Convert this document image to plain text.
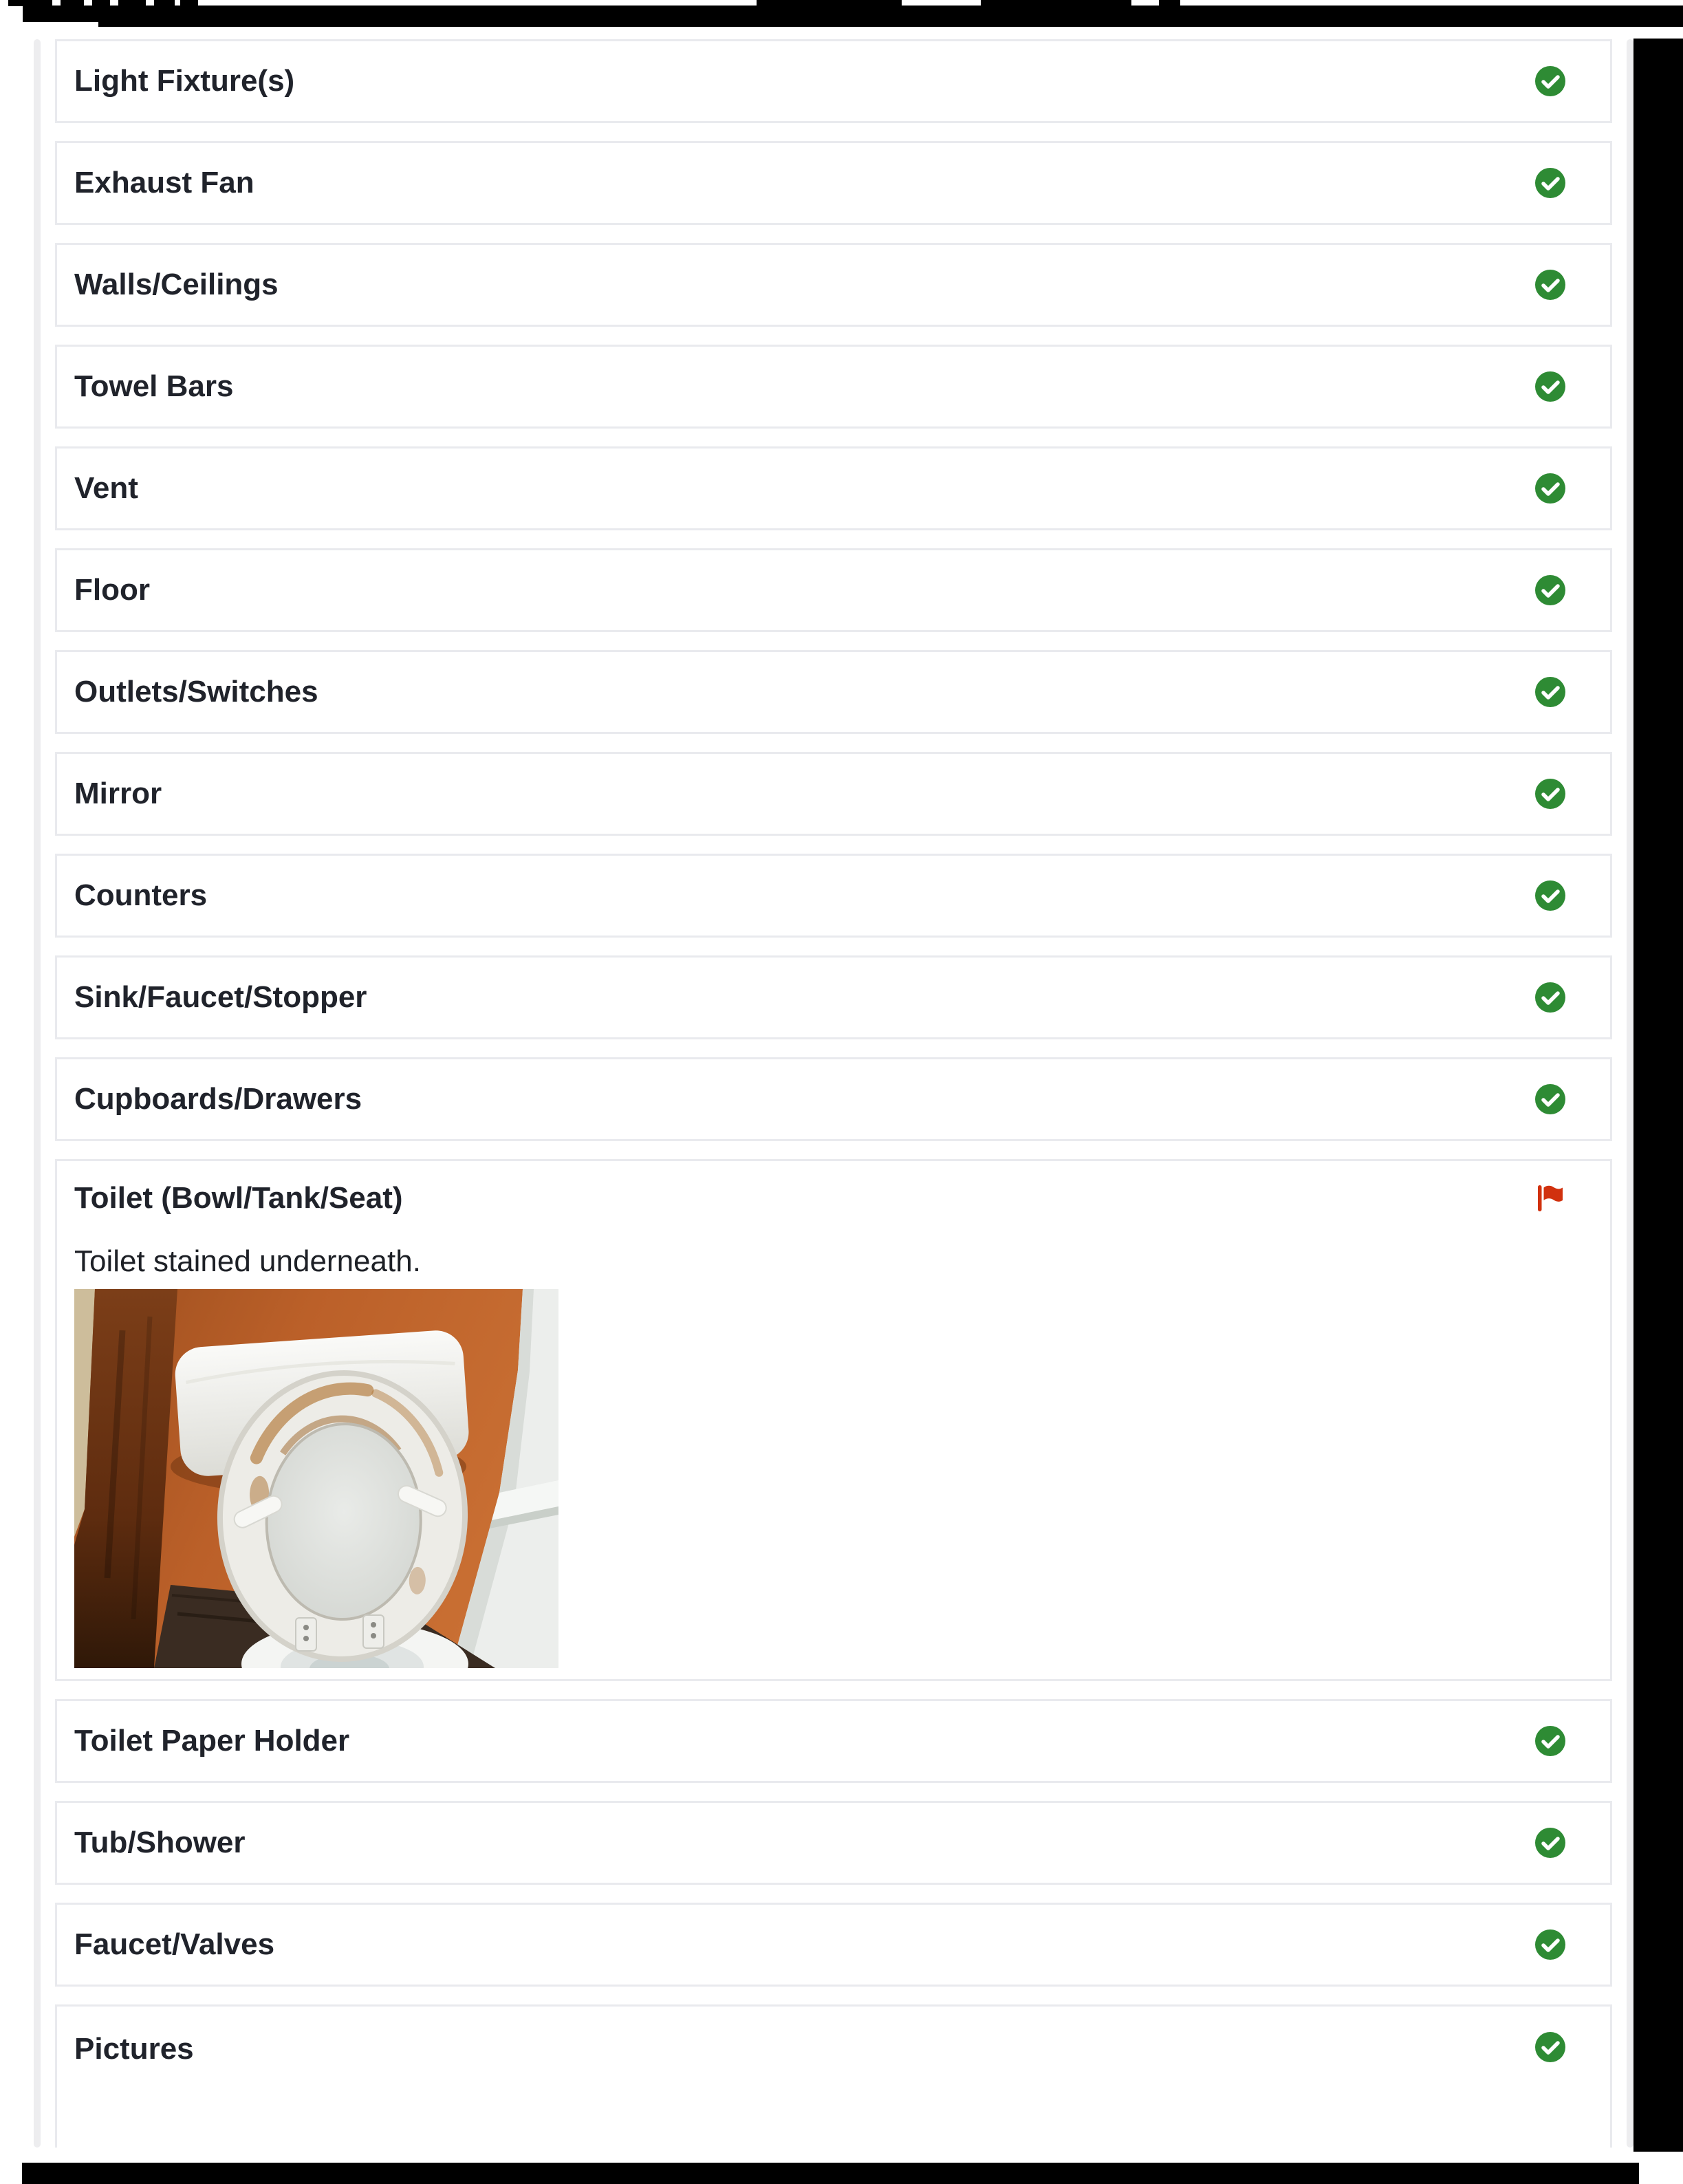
Light Fixture(s)
Exhaust Fan
Walls/Ceilings
Towel Bars
Vent
Floor
Outlets/Switches
Mirror
Counters
Sink/Faucet/Stopper
Cupboards/Drawers
Toilet (Bowl/Tank/Seat)
Toilet stained underneath.
Toilet Paper Holder
Tub/Shower
Faucet/Valves
Pictures
